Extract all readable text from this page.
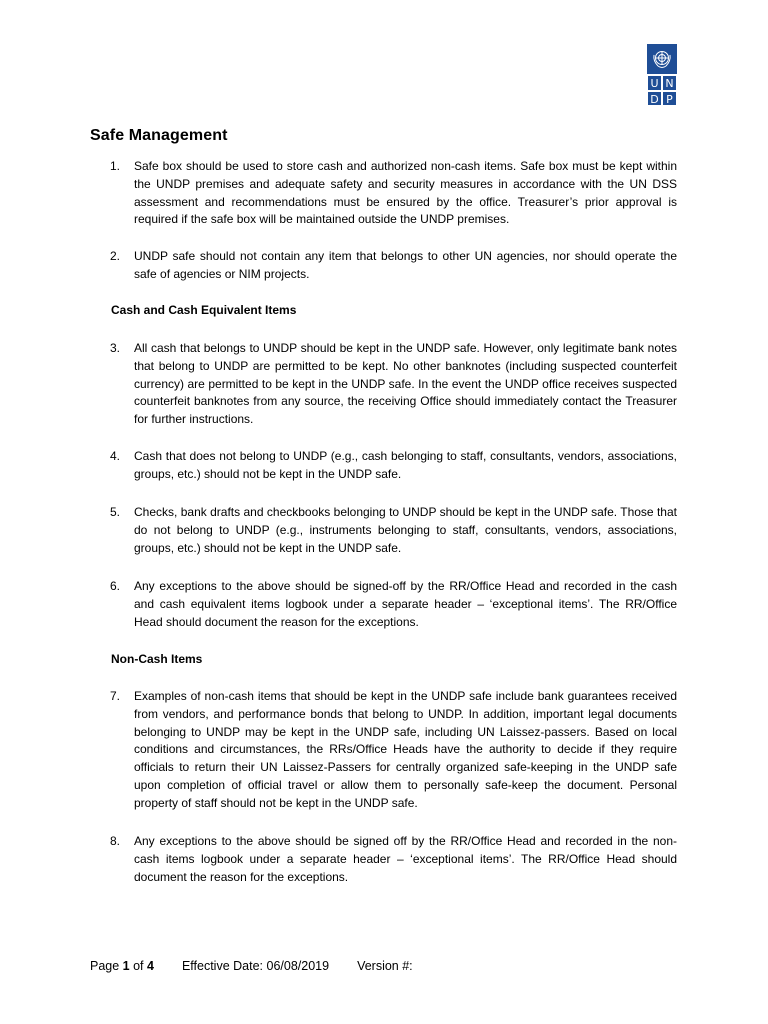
U N
D P
Safe Management
1. Safe box should be used to store cash and authorized non-cash items. Safe box must be kept within the UNDP premises and adequate safety and security measures in accordance with the UN DSS assessment and recommendations must be ensured by the office. Treasurer’s prior approval is required if the safe box will be maintained outside the UNDP premises.
2. UNDP safe should not contain any item that belongs to other UN agencies, nor should operate the safe of agencies or NIM projects.
Cash and Cash Equivalent Items
3. All cash that belongs to UNDP should be kept in the UNDP safe. However, only legitimate bank notes that belong to UNDP are permitted to be kept. No other banknotes (including suspected counterfeit currency) are permitted to be kept in the UNDP safe. In the event the UNDP office receives suspected counterfeit banknotes from any source, the receiving Office should immediately contact the Treasurer for further instructions.
4. Cash that does not belong to UNDP (e.g., cash belonging to staff, consultants, vendors, associations, groups, etc.) should not be kept in the UNDP safe.
5. Checks, bank drafts and checkbooks belonging to UNDP should be kept in the UNDP safe. Those that do not belong to UNDP (e.g., instruments belonging to staff, consultants, vendors, associations, groups, etc.) should not be kept in the UNDP safe.
6. Any exceptions to the above should be signed-off by the RR/Office Head and recorded in the cash and cash equivalent items logbook under a separate header – ‘exceptional items’. The RR/Office Head should document the reason for the exceptions.
Non-Cash Items
7. Examples of non-cash items that should be kept in the UNDP safe include bank guarantees received from vendors, and performance bonds that belong to UNDP. In addition, important legal documents belonging to UNDP may be kept in the UNDP safe, including UN Laissez-passers. Based on local conditions and circumstances, the RRs/Office Heads have the authority to decide if they require officials to return their UN Laissez-Passers for centrally organized safe-keeping in the UNDP safe upon completion of official travel or allow them to personally safe-keep the document. Personal property of staff should not be kept in the UNDP safe.
8. Any exceptions to the above should be signed off by the RR/Office Head and recorded in the non-cash items logbook under a separate header – ‘exceptional items’. The RR/Office Head should document the reason for the exceptions.
Page 1 of 4 Effective Date: 06/08/2019 Version #:
